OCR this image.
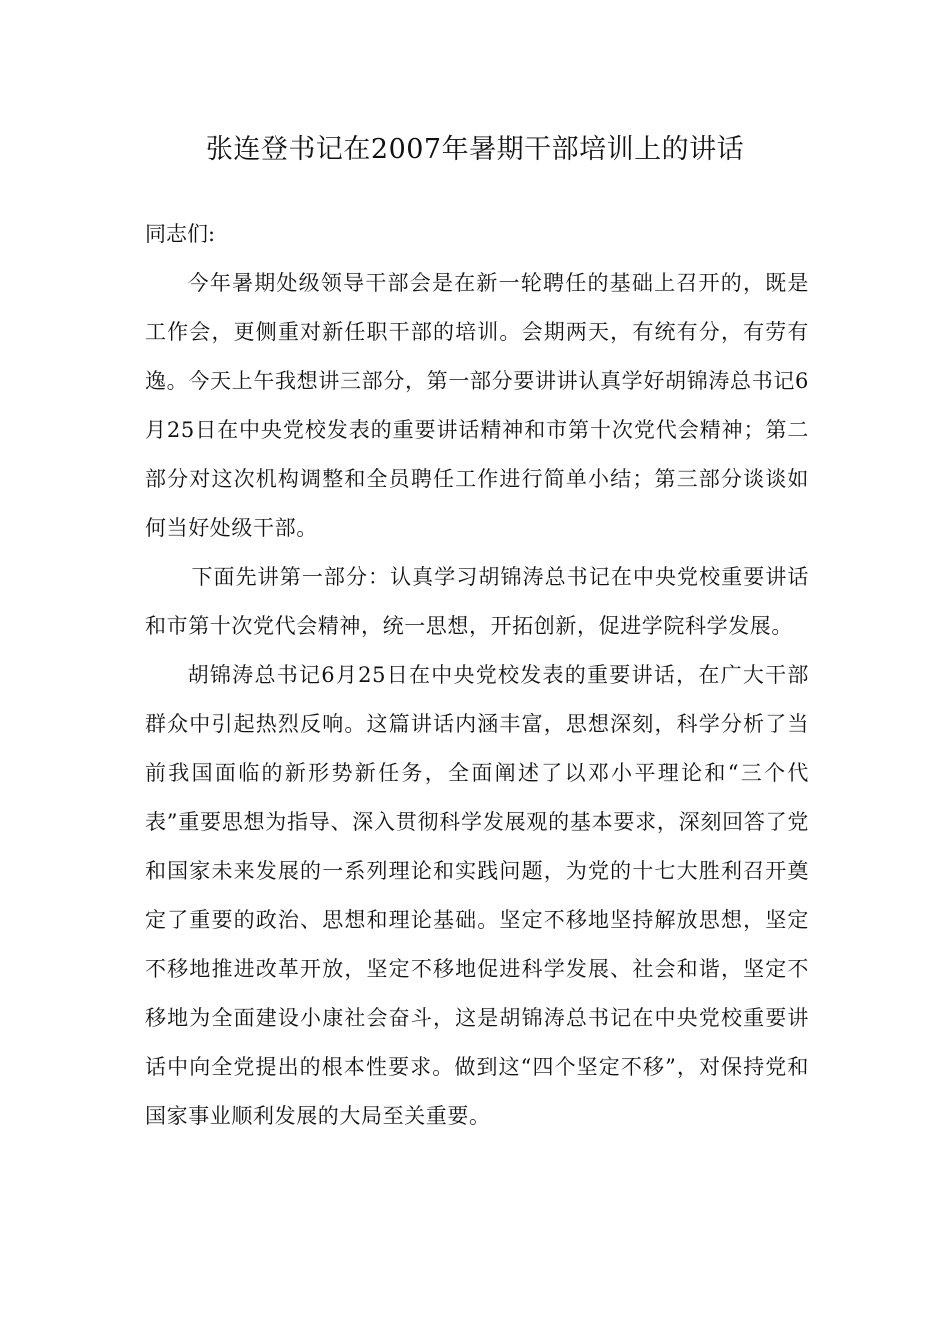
张连登书记在2007年暑期干部培训上的讲话

同志们:

今年暑期处级领导干部会是在新一轮聘任的基础上召开的，既是工作会，更侧重对新任职干部的培训。会期两天，有统有分，有劳有逸。今天上午我想讲三部分，第一部分要讲讲认真学好胡锦涛总书记6月25日在中央党校发表的重要讲话精神和市第十次党代会精神；第二部分对这次机构调整和全员聘任工作进行简单小结；第三部分谈谈如何当好处级干部。

下面先讲第一部分：认真学习胡锦涛总书记在中央党校重要讲话和市第十次党代会精神，统一思想，开拓创新，促进学院科学发展。

胡锦涛总书记6月25日在中央党校发表的重要讲话，在广大干部群众中引起热烈反响。这篇讲话内涵丰富，思想深刻，科学分析了当前我国面临的新形势新任务，全面阐述了以邓小平理论和“三个代表”重要思想为指导、深入贯彻科学发展观的基本要求，深刻回答了党和国家未来发展的一系列理论和实践问题，为党的十七大胜利召开奠定了重要的政治、思想和理论基础。坚定不移地坚持解放思想，坚定不移地推进改革开放，坚定不移地促进科学发展、社会和谐，坚定不移地为全面建设小康社会奋斗，这是胡锦涛总书记在中央党校重要讲话中向全党提出的根本性要求。做到这“四个坚定不移”，对保持党和国家事业顺利发展的大局至关重要。
